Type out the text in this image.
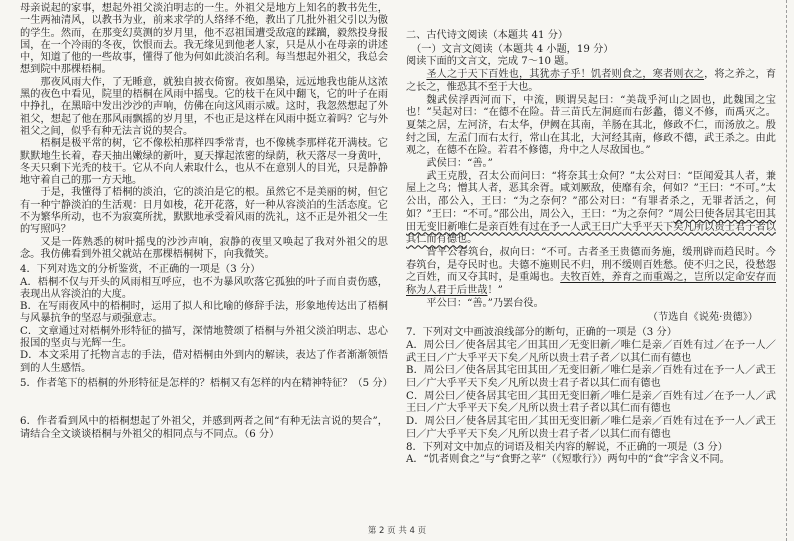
母亲说起的家事，想起外祖父淡泊明志的一生。外祖父是地方上知名的教书先生，一生两袖清风，以教书为业，前来求学的人络绎不绝，教出了几批外祖父引以为傲的学生。然而，在那变幻莫测的岁月里，他不忍祖国遭受敌寇的蹂躏，毅然投身报国，在一个冷雨的冬夜，饮恨而去。我无缘见到他老人家，只是从小在母亲的讲述中，知道了他的一些故事，懂得了他为何如此淡泊名利。每当想起外祖父，我总会想到院中那棵梧桐。

那夜风雨大作，了无睡意，就独自披衣倚窗。夜如墨染，远远地我也能从这浓黑的夜色中看见，院里的梧桐在风雨中摇曳。它的枝干在风中翻飞，它的叶子在雨中挣扎，在黑暗中发出沙沙的声响，仿佛在向这风雨示威。这时，我忽然想起了外祖父，想起了他在那风雨飘摇的岁月里，不也正是这样在风雨中挺立着吗？它与外祖父之间，似乎有种无法言说的契合。

梧桐是极平常的树，它不像松柏那样四季常青，也不像桃李那样花开满枝。它默默地生长着，春天抽出嫩绿的新叶，夏天撑起浓密的绿荫，秋天落尽一身黄叶，冬天只剩下光秃的枝干。它从不向人索取什么，也从不在意别人的目光，只是静静地守着自己的那一方天地。

于是，我懂得了梧桐的淡泊，它的淡泊是它的根。虽然它不是美丽的树，但它有一种宁静淡泊的生活观：日月如梭，花开花落，好一种从容淡泊的生活态度。它不为繁华所动，也不为寂寞所扰，默默地承受着风雨的洗礼，这不正是外祖父一生的写照吗？

又是一阵熟悉的树叶摇曳的沙沙声响，寂静的夜里又唤起了我对外祖父的思念。我仿佛看到外祖父就站在那棵梧桐树下，向我微笑。

4．下列对选文的分析鉴赏，不正确的一项是（3 分）

A．梧桐不仅与开头的风雨相互呼应，也不为暴风吹落它孤独的叶子而自责伤感，表现出从容淡泊的大度。

B．在写雨夜风中的梧桐时，运用了拟人和比喻的修辞手法，形象地传达出了梧桐与风暴抗争的坚忍与顽强意志。

C．文章通过对梧桐外形特征的描写，深情地赞颂了梧桐与外祖父淡泊明志、忠心报国的坚贞与光辉一生。

D．本文采用了托物言志的手法，借对梧桐由外到内的解读，表达了作者渐渐领悟到的人生感悟。

5．作者笔下的梧桐的外形特征是怎样的？梧桐又有怎样的内在精神特征？（5 分）

6．作者看到风中的梧桐想起了外祖父，并感到两者之间“有种无法言说的契合”，请结合全文谈谈梧桐与外祖父的相同点与不同点。（6 分）

二、古代诗文阅读（本题共 41 分）

（一）文言文阅读（本题共 4 小题，19 分）

阅读下面的文言文，完成 7～10 题。

圣人之于天下百姓也，其犹赤子乎！饥者则食之，寒者则衣之，将之养之，育之长之，惟恐其不至于大也。

魏武侯浮西河而下，中流，顾谓吴起曰：“美哉乎河山之固也，此魏国之宝也！”吴起对曰：“在德不在险。昔三苗氏左洞庭而右彭蠡，德义不修，而禹灭之。夏桀之居，左河济，右太华，伊阙在其南，羊肠在其北，修政不仁，而汤放之。殷纣之国，左孟门而右太行，常山在其北，大河经其南，修政不德，武王杀之。由此观之，在德不在险。若君不修德，舟中之人尽敌国也。”

武侯曰：“善。”

武王克殷，召太公而问曰：“将奈其士众何？”太公对曰：“臣闻爱其人者，兼屋上之乌；憎其人者，恶其余胥。咸刘厥敌，使靡有余，何如？”王曰：“不可。”太公出，邵公入，王曰：“为之奈何？”邵公对曰：“有罪者杀之，无罪者活之，何如？”王曰：“不可。”邵公出，周公入，王曰：“为之奈何？”周公曰使各居其宅田其田无变旧新唯仁是亲百姓有过在予一人武王曰广大乎平天下矣凡所以贵士君子者以其仁而有德也。

晋平公春筑台，叔向曰：“不可。古者圣王贵德而务施，缓刑辟而趋民时。今春筑台，是夺民时也。夫德不施则民不归，刑不缓则百姓愁。使不归之民，役愁怨之百姓，而又夺其时，是重竭也。夫牧百姓，养育之而重竭之，岂所以定命安存而称为人君于后世哉！”

平公曰：“善。”乃罢台役。

（节选自《说苑·贵德》）

7．下列对文中画波浪线部分的断句，正确的一项是（3 分）

A．周公曰／使各居其宅／田其田／无变旧新／唯仁是亲／百姓有过／在予一人／武王曰／广大乎平天下矣／凡所以贵士君子者／以其仁而有德也

B．周公曰／使各居其宅田其田／无变旧新／唯仁是亲／百姓有过在予一人／武王曰／广大乎平天下矣／凡所以贵士君子者以其仁而有德也

C．周公曰／使各居其宅田／其田无变旧新／唯仁是亲／百姓有过／在予一人／武王曰／广大乎平天下矣／凡所以贵士君子者以其仁而有德也

D．周公曰／使各居其宅田／其田无变旧新／唯仁是亲／百姓有过在予一人／武王曰／广大乎平天下矣／凡所以贵士君子者／以其仁而有德也

8．下列对文中加点的词语及相关内容的解说，不正确的一项是（3 分）

A．“饥者则食之”与“食野之苹”（《短歌行》）两句中的“食”字含义不同。

第 2 页 共 4 页
